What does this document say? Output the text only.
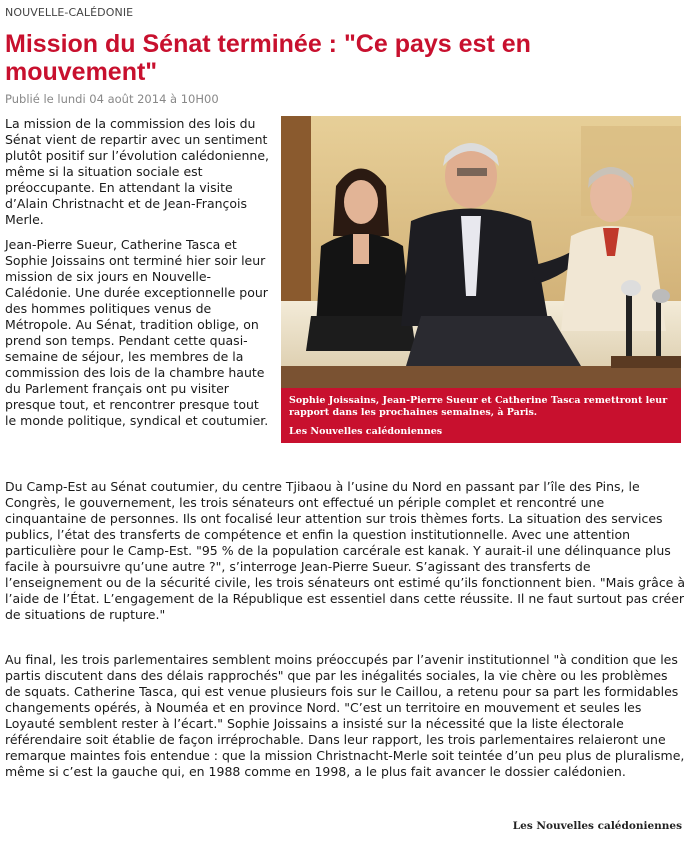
NOUVELLE-CALÉDONIE
Mission du Sénat terminée : "Ce pays est en mouvement"
Publié le lundi 04 août 2014 à 10H00

La mission de la commission des lois du Sénat vient de repartir avec un sentiment plutôt positif sur l’évolution calédonienne, même si la situation sociale est préoccupante. En attendant la visite d’Alain Christnacht et de Jean-François Merle.

Jean-Pierre Sueur, Catherine Tasca et Sophie Joissains ont terminé hier soir leur mission de six jours en Nouvelle-Calédonie. Une durée exceptionnelle pour des hommes politiques venus de Métropole. Au Sénat, tradition oblige, on prend son temps. Pendant cette quasi-semaine de séjour, les membres de la commission des lois de la chambre haute du Parlement français ont pu visiter presque tout, et rencontrer presque tout le monde politique, syndical et coutumier.

Sophie Joissains, Jean-Pierre Sueur et Catherine Tasca remettront leur rapport dans les prochaines semaines, à Paris.
Les Nouvelles calédoniennes

Du Camp-Est au Sénat coutumier, du centre Tjibaou à l’usine du Nord en passant par l’île des Pins, le Congrès, le gouvernement, les trois sénateurs ont effectué un périple complet et rencontré une cinquantaine de personnes. Ils ont focalisé leur attention sur trois thèmes forts. La situation des services publics, l’état des transferts de compétence et enfin la question institutionnelle. Avec une attention particulière pour le Camp-Est. "95 % de la population carcérale est kanak. Y aurait-il une délinquance plus facile à poursuivre qu’une autre ?", s’interroge Jean-Pierre Sueur. S’agissant des transferts de l’enseignement ou de la sécurité civile, les trois sénateurs ont estimé qu’ils fonctionnent bien. "Mais grâce à l’aide de l’État. L’engagement de la République est essentiel dans cette réussite. Il ne faut surtout pas créer de situations de rupture."

Au final, les trois parlementaires semblent moins préoccupés par l’avenir institutionnel "à condition que les partis discutent dans des délais rapprochés" que par les inégalités sociales, la vie chère ou les problèmes de squats. Catherine Tasca, qui est venue plusieurs fois sur le Caillou, a retenu pour sa part les formidables changements opérés, à Nouméa et en province Nord. "C’est un territoire en mouvement et seules les Loyauté semblent rester à l’écart." Sophie Joissains a insisté sur la nécessité que la liste électorale référendaire soit établie de façon irréprochable. Dans leur rapport, les trois parlementaires relaieront une remarque maintes fois entendue : que la mission Christnacht-Merle soit teintée d’un peu plus de pluralisme, même si c’est la gauche qui, en 1988 comme en 1998, a le plus fait avancer le dossier calédonien.

Les Nouvelles calédoniennes
